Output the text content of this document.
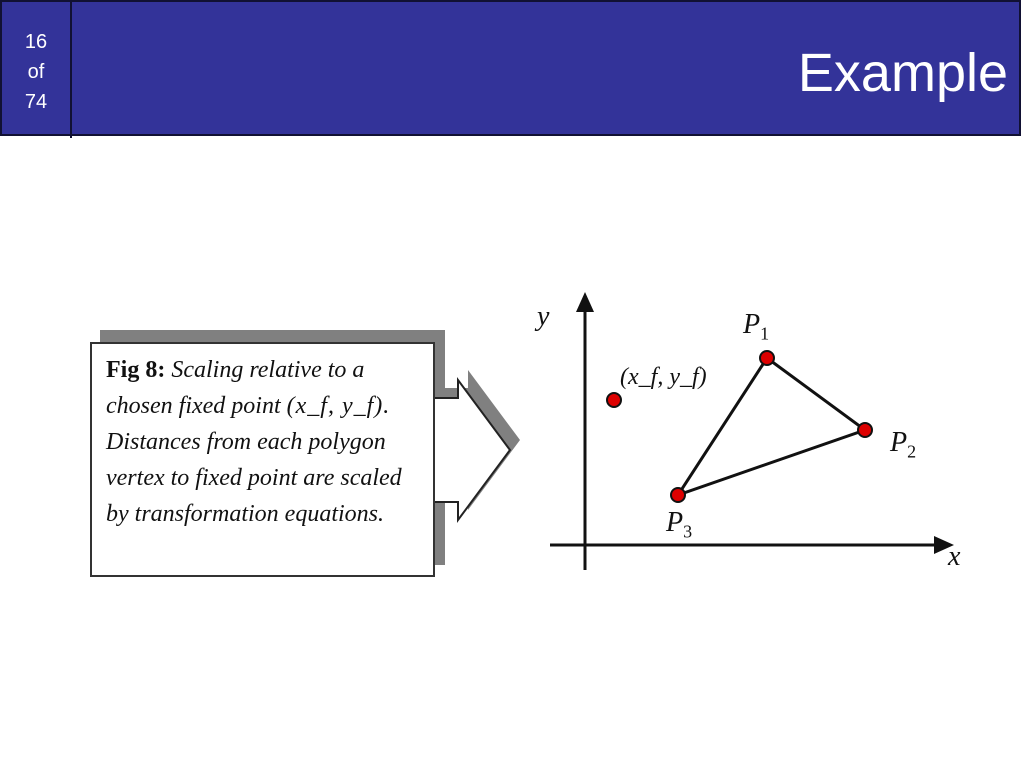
16
of
74	Example
Fig 8: Scaling relative to a chosen fixed point (x_f, y_f). Distances from each polygon vertex to fixed point are scaled by transformation equations.
y
x
(x_f, y_f)
$P_1$
$P_2$
$P_3$
